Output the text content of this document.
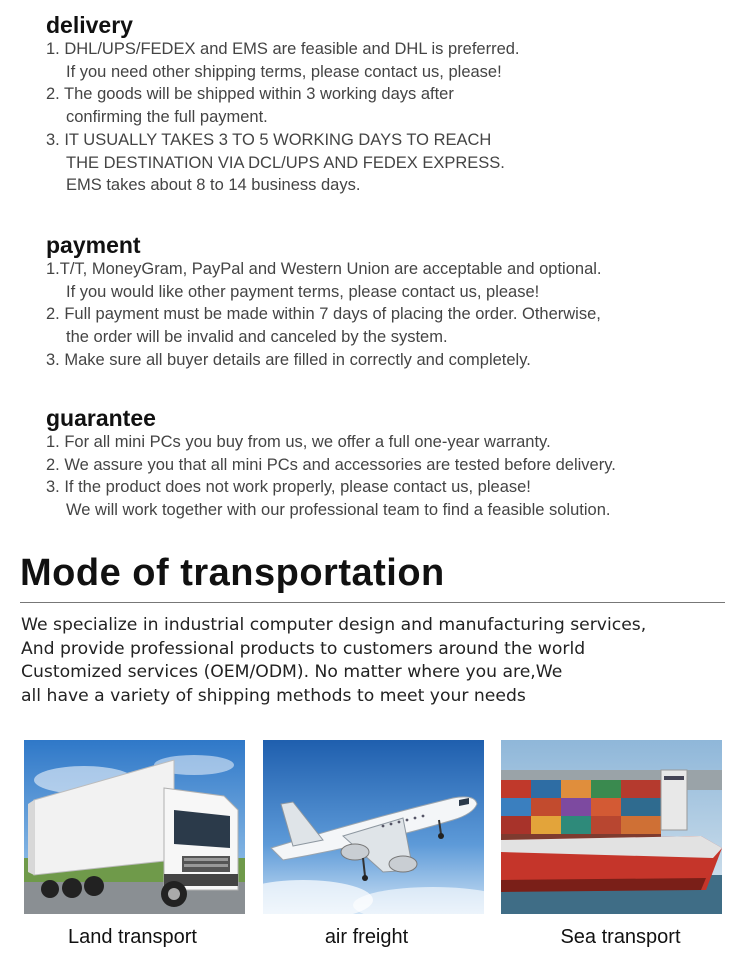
delivery
1. DHL/UPS/FEDEX and EMS are feasible and DHL is preferred.
If you need other shipping terms, please contact us, please!
2. The goods will be shipped within 3 working days after
confirming the full payment.
3. IT USUALLY TAKES 3 TO 5 WORKING DAYS TO REACH
THE DESTINATION VIA DCL/UPS AND FEDEX EXPRESS.
EMS takes about 8 to 14 business days.
payment
1.T/T, MoneyGram, PayPal and Western Union are acceptable and optional.
If you would like other payment terms, please contact us, please!
2. Full payment must be made within 7 days of placing the order. Otherwise,
the order will be invalid and canceled by the system.
3. Make sure all buyer details are filled in correctly and completely.
guarantee
1. For all mini PCs you buy from us, we offer a full one-year warranty.
2. We assure you that all mini PCs and accessories are tested before delivery.
3. If the product does not work properly, please contact us, please!
We will work together with our professional team to find a feasible solution.
Mode of transportation
We specialize in industrial computer design and manufacturing services,
And provide professional products to customers around the world
Customized services (OEM/ODM). No matter where you are,We
all have a variety of shipping methods to meet your needs
Land transport	air freight	Sea transport
